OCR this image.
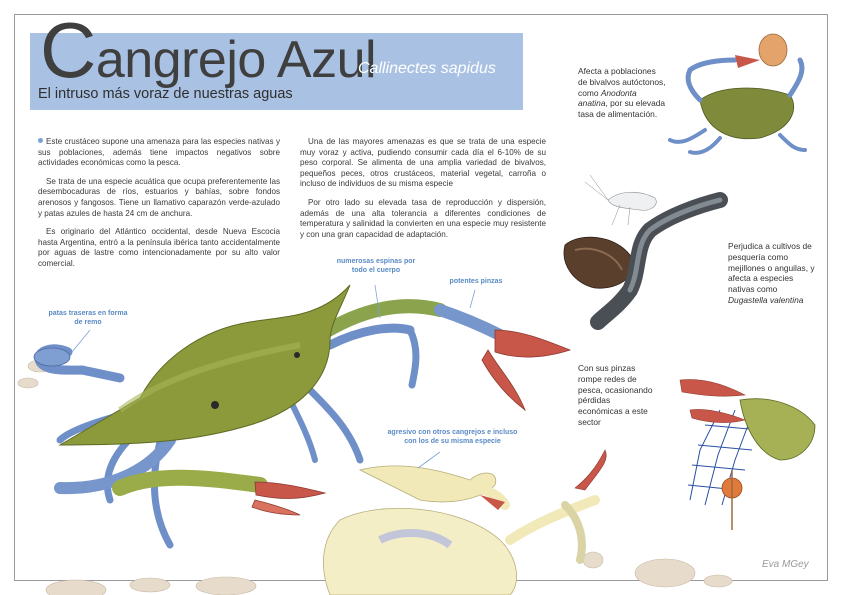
Cangrejo Azul
Callinectes sapidus
El intruso más voraz de nuestras aguas

Este crustáceo supone una amenaza para las especies nativas y sus poblaciones, además tiene impactos negativos sobre actividades económicas como la pesca.

Se trata de una especie acuática que ocupa preferentemente las desembocaduras de ríos, estuarios y bahías, sobre fondos arenosos y fangosos. Tiene un llamativo caparazón verde-azulado y patas azules de hasta 24 cm de anchura.

Es originario del Atlántico occidental, desde Nueva Escocia hasta Argentina, entró a la península ibérica tanto accidentalmente por aguas de lastre como intencionadamente por su alto valor comercial.

Una de las mayores amenazas es que se trata de una especie muy voraz y activa, pudiendo consumir cada día el 6-10% de su peso corporal. Se alimenta de una amplia variedad de bivalvos, pequeños peces, otros crustáceos, material vegetal, carroña o incluso de individuos de su misma especie

Por otro lado su elevada tasa de reproducción y dispersión, además de una alta tolerancia a diferentes condiciones de temperatura y salinidad la convierten en una especie muy resistente y con una gran capacidad de adaptación.

patas traseras en forma de remo
numerosas espinas por todo el cuerpo
potentes pinzas
agresivo con otros cangrejos e incluso con los de su misma especie
Afecta a poblaciones de bivalvos autóctonos, como Anodonta anatina, por su elevada tasa de alimentación.
Perjudica a cultivos de pesquería como mejillones o anguilas, y afecta a especies nativas como Dugastella valentina
Con sus pinzas rompe redes de pesca, ocasionando pérdidas económicas a este sector
Eva MGey
